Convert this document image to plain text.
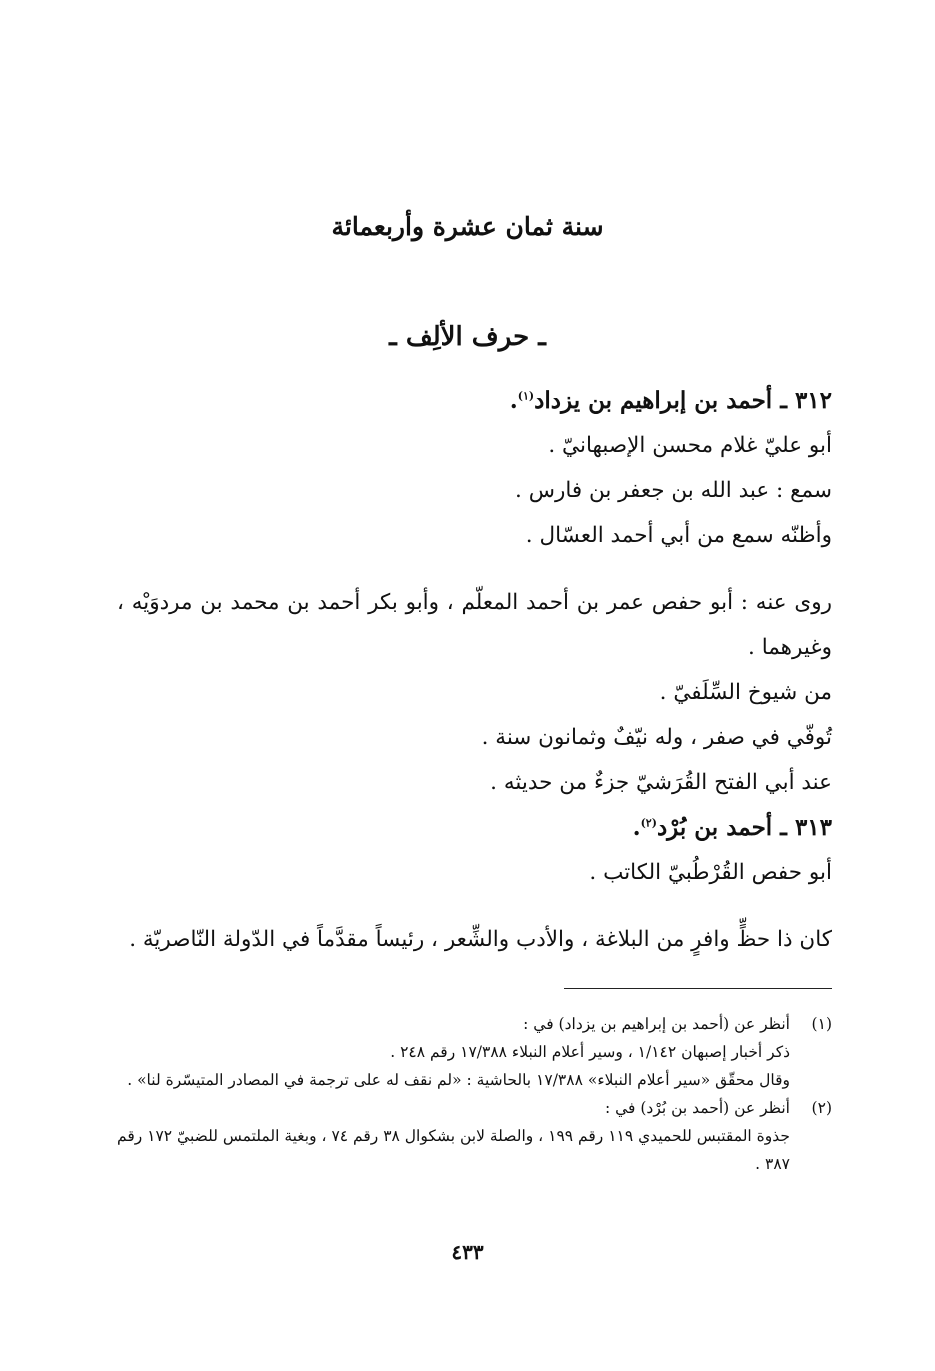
سنة ثمان عشرة وأربعمائة
ـ حرف الألِف ـ
٣١٢ ـ أحمد بن إبراهيم بن يزداد$^{(١)}$.
أبو عليّ غلام محسن الإصبهانيّ .
سمع : عبد الله بن جعفر بن فارس .
وأظنّه سمع من أبي أحمد العسّال .
روى عنه : أبو حفص عمر بن أحمد المعلّم ، وأبو بكر أحمد بن محمد بن مردوَيْه ، وغيرهما .
من شيوخ السِّلَفيّ .
تُوفّي في صفر ، وله نيّفٌ وثمانون سنة .
عند أبي الفتح القُرَشيّ جزءٌ من حديثه .
٣١٣ ـ أحمد بن بُرْد$^{(٢)}$.
أبو حفص القُرْطُبيّ الكاتب .
كان ذا حظٍّ وافرٍ من البلاغة ، والأدب والشِّعر ، رئيساً مقدَّماً في الدّولة النّاصريّة .
(١)
أنظر عن (أحمد بن إبراهيم بن يزداد) في :
ذكر أخبار إصبهان ١/١٤٢ ، وسير أعلام النبلاء ١٧/٣٨٨ رقم ٢٤٨ .
وقال محقّق «سير أعلام النبلاء» ١٧/٣٨٨ بالحاشية : «لم نقف له على ترجمة في المصادر المتيسّرة لنا» .
(٢)
أنظر عن (أحمد بن بُرْد) في :
جذوة المقتبس للحميدي ١١٩ رقم ١٩٩ ، والصلة لابن بشكوال ٣٨ رقم ٧٤ ، وبغية الملتمس للضبيّ ١٧٢ رقم ٣٨٧ .
٤٣٣
